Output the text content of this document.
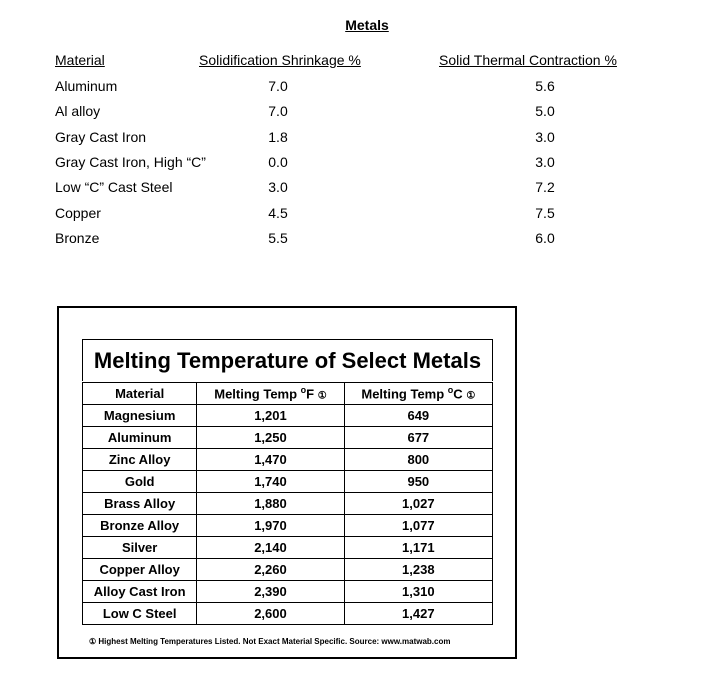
Metals
Material	Solidification Shrinkage %	Solid Thermal Contraction %
Aluminum	7.0	5.6
Al alloy	7.0	5.0
Gray Cast Iron	1.8	3.0
Gray Cast Iron, High “C”	0.0	3.0
Low “C” Cast Steel	3.0	7.2
Copper	4.5	7.5
Bronze	5.5	6.0
Melting Temperature of Select Metals
Material	Melting Temp $^o$F ①	Melting Temp $^o$C ①
Magnesium	1,201	649
Aluminum	1,250	677
Zinc Alloy	1,470	800
Gold	1,740	950
Brass Alloy	1,880	1,027
Bronze Alloy	1,970	1,077
Silver	2,140	1,171
Copper Alloy	2,260	1,238
Alloy Cast Iron	2,390	1,310
Low C Steel	2,600	1,427
① Highest Melting Temperatures Listed. Not Exact Material Specific. Source: www.matwab.com
